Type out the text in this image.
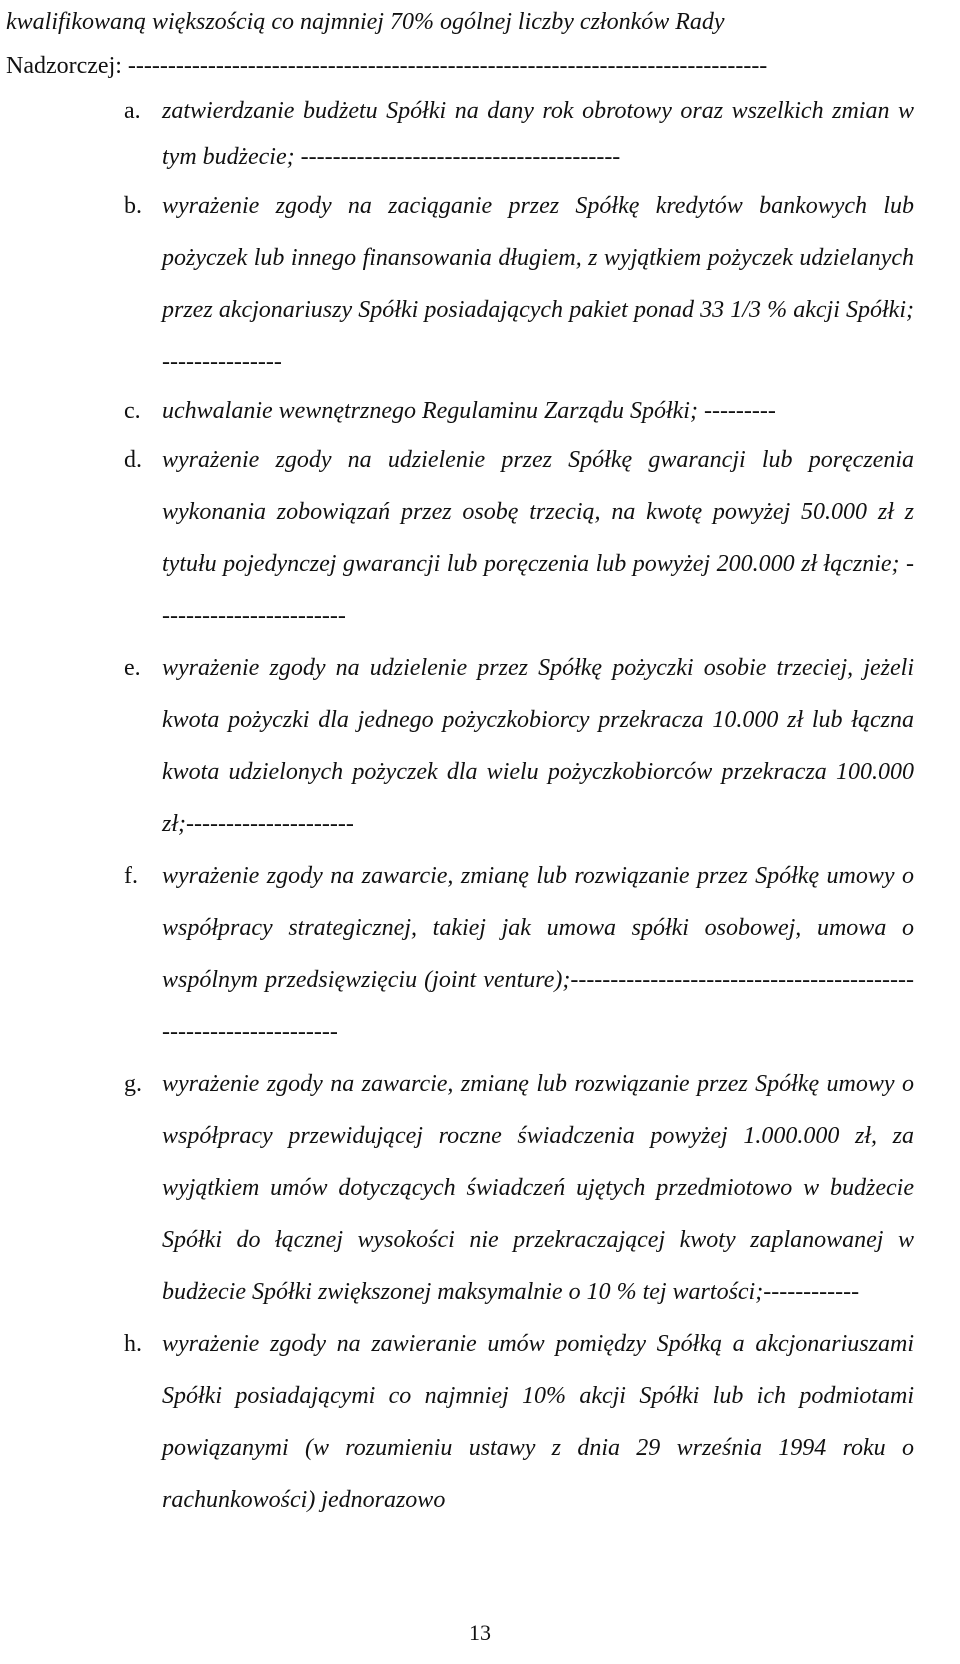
kwalifikowaną większością co najmniej 70% ogólnej liczby członków Rady
Nadzorczej: --------------------------------------------------------------------------------

a. zatwierdzanie budżetu Spółki na dany rok obrotowy oraz wszelkich zmian w tym budżecie; ----------------------------------------
b. wyrażenie zgody na zaciąganie przez Spółkę kredytów bankowych lub pożyczek lub innego finansowania długiem, z wyjątkiem pożyczek udzielanych przez akcjonariuszy Spółki posiadających pakiet ponad 33 1/3 % akcji Spółki; ---------------
c. uchwalanie wewnętrznego Regulaminu Zarządu Spółki; ---------
d. wyrażenie zgody na udzielenie przez Spółkę gwarancji lub poręczenia wykonania zobowiązań przez osobę trzecią, na kwotę powyżej 50.000 zł z tytułu pojedynczej gwarancji lub poręczenia lub powyżej 200.000 zł łącznie; ------------------------
e. wyrażenie zgody na udzielenie przez Spółkę pożyczki osobie trzeciej, jeżeli kwota pożyczki dla jednego pożyczkobiorcy przekracza 10.000 zł lub łączna kwota udzielonych pożyczek dla wielu pożyczkobiorców przekracza 100.000 zł;---------------------
f. wyrażenie zgody na zawarcie, zmianę lub rozwiązanie przez Spółkę umowy o współpracy strategicznej, takiej jak umowa spółki osobowej, umowa o wspólnym przedsięwzięciu (joint venture);-----------------------------------------------------------------
g. wyrażenie zgody na zawarcie, zmianę lub rozwiązanie przez Spółkę umowy o współpracy przewidującej roczne świadczenia powyżej 1.000.000 zł, za wyjątkiem umów dotyczących świadczeń ujętych przedmiotowo w budżecie Spółki do łącznej wysokości nie przekraczającej kwoty zaplanowanej w budżecie Spółki zwiększonej maksymalnie o 10 % tej wartości;------------
h. wyrażenie zgody na zawieranie umów pomiędzy Spółką a akcjonariuszami Spółki posiadającymi co najmniej 10% akcji Spółki lub ich podmiotami powiązanymi (w rozumieniu ustawy z dnia 29 września 1994 roku o rachunkowości) jednorazowo
13
